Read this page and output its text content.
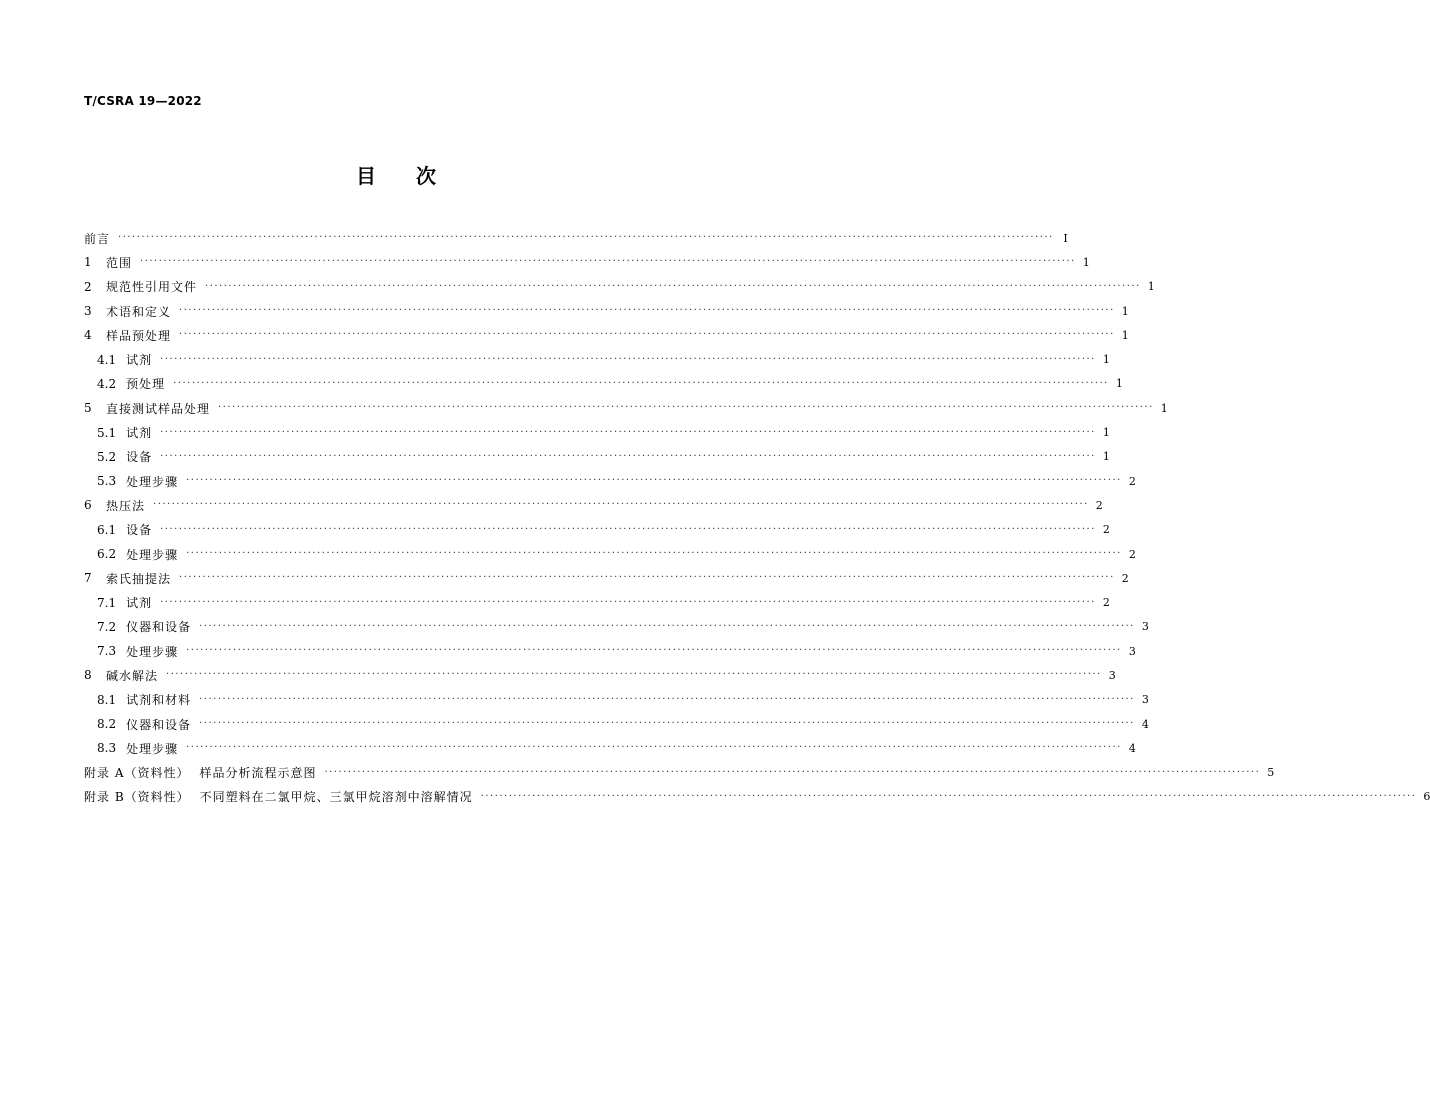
T/CSRA 19—2022
目 次
前言 ········································································································································································································ Ⅰ
1	范围 ········································································································································································································ 1
2	规范性引用文件 ········································································································································································································ 1
3	术语和定义 ········································································································································································································ 1
4	样品预处理 ········································································································································································································ 1
4.1 试剂 ········································································································································································································ 1
4.2 预处理 ········································································································································································································ 1
5	直接测试样品处理 ········································································································································································································ 1
5.1 试剂 ········································································································································································································ 1
5.2 设备 ········································································································································································································ 1
5.3 处理步骤 ········································································································································································································ 2
6	热压法 ········································································································································································································ 2
6.1 设备 ········································································································································································································ 2
6.2 处理步骤 ········································································································································································································ 2
7	索氏抽提法 ········································································································································································································ 2
7.1 试剂 ········································································································································································································ 2
7.2 仪器和设备 ········································································································································································································ 3
7.3 处理步骤 ········································································································································································································ 3
8	碱水解法 ········································································································································································································ 3
8.1 试剂和材料 ········································································································································································································ 3
8.2 仪器和设备 ········································································································································································································ 4
8.3 处理步骤 ········································································································································································································ 4
附录 A（资料性） 样品分析流程示意图 ········································································································································································································ 5
附录 B（资料性） 不同塑料在二氯甲烷、三氯甲烷溶剂中溶解情况 ········································································································································································································ 6
